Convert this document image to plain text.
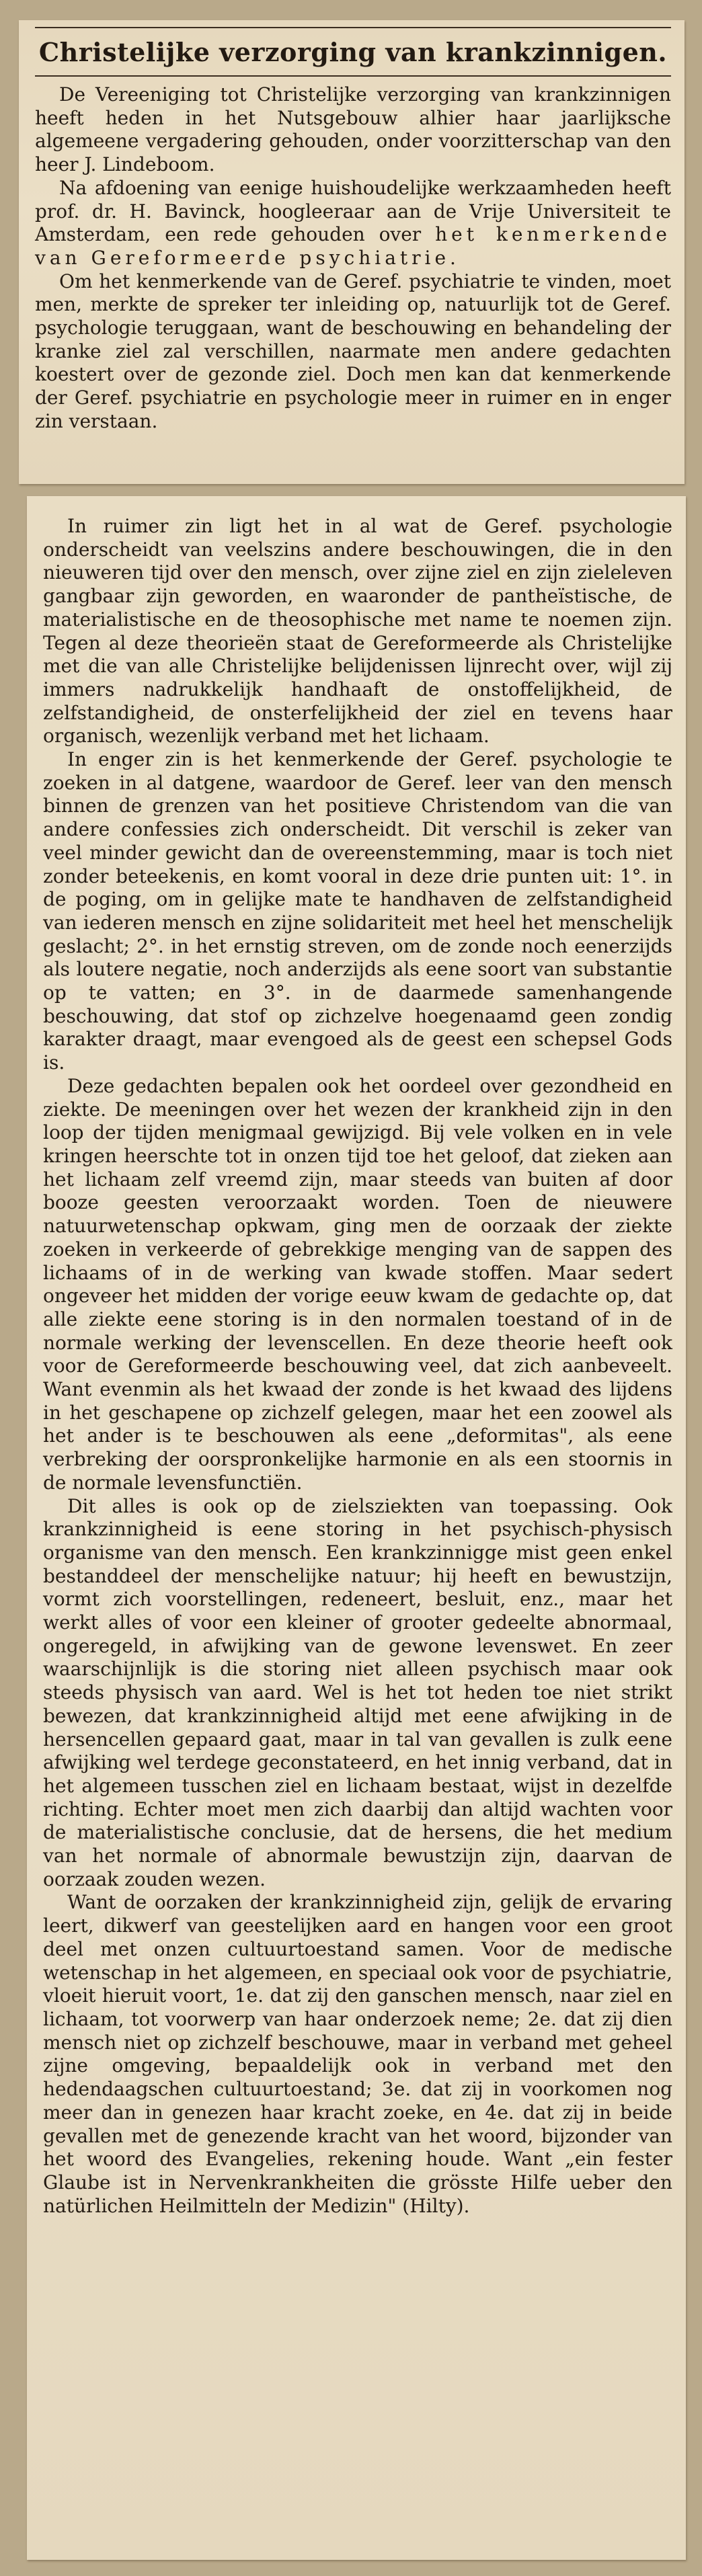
Christelijke verzorging van krankzinnigen.

De Vereeniging tot Christelijke verzorging van krankzinnigen heeft heden in het Nutsgebouw alhier haar jaarlijksche algemeene vergadering gehouden, onder voorzitterschap van den heer J. Lindeboom.

Na afdoening van eenige huishoudelijke werkzaamheden heeft prof. dr. H. Bavinck, hoogleeraar aan de Vrije Universiteit te Amsterdam, een rede gehouden over het kenmerkende van Gereformeerde psychiatrie.

Om het kenmerkende van de Geref. psychiatrie te vinden, moet men, merkte de spreker ter inleiding op, natuurlijk tot de Geref. psychologie teruggaan, want de beschouwing en behandeling der kranke ziel zal verschillen, naarmate men andere gedachten koestert over de gezonde ziel. Doch men kan dat kenmerkende der Geref. psychiatrie en psychologie meer in ruimer en in enger zin verstaan.

In ruimer zin ligt het in al wat de Geref. psychologie onderscheidt van veelszins andere beschouwingen, die in den nieuweren tijd over den mensch, over zijne ziel en zijn zieleleven gangbaar zijn geworden, en waaronder de pantheïstische, de materialistische en de theosophische met name te noemen zijn. Tegen al deze theorieën staat de Gereformeerde als Christelijke met die van alle Christelijke belijdenissen lijnrecht over, wijl zij immers nadrukkelijk handhaaft de onstoffelijkheid, de zelfstandigheid, de onsterfelijkheid der ziel en tevens haar organisch, wezenlijk verband met het lichaam.

In enger zin is het kenmerkende der Geref. psychologie te zoeken in al datgene, waardoor de Geref. leer van den mensch binnen de grenzen van het positieve Christendom van die van andere confessies zich onderscheidt. Dit verschil is zeker van veel minder gewicht dan de overeenstemming, maar is toch niet zonder beteekenis, en komt vooral in deze drie punten uit: 1°. in de poging, om in gelijke mate te handhaven de zelfstandigheid van iederen mensch en zijne solidariteit met heel het menschelijk geslacht; 2°. in het ernstig streven, om de zonde noch eenerzijds als loutere negatie, noch anderzijds als eene soort van substantie op te vatten; en 3°. in de daarmede samenhangende beschouwing, dat stof op zichzelve hoegenaamd geen zondig karakter draagt, maar evengoed als de geest een schepsel Gods is.

Deze gedachten bepalen ook het oordeel over gezondheid en ziekte. De meeningen over het wezen der krankheid zijn in den loop der tijden menigmaal gewijzigd. Bij vele volken en in vele kringen heerschte tot in onzen tijd toe het geloof, dat zieken aan het lichaam zelf vreemd zijn, maar steeds van buiten af door booze geesten veroorzaakt worden. Toen de nieuwere natuurwetenschap opkwam, ging men de oorzaak der ziekte zoeken in verkeerde of gebrekkige menging van de sappen des lichaams of in de werking van kwade stoffen. Maar sedert ongeveer het midden der vorige eeuw kwam de gedachte op, dat alle ziekte eene storing is in den normalen toestand of in de normale werking der levenscellen. En deze theorie heeft ook voor de Gereformeerde beschouwing veel, dat zich aanbeveelt. Want evenmin als het kwaad der zonde is het kwaad des lijdens in het geschapene op zichzelf gelegen, maar het een zoowel als het ander is te beschouwen als eene „deformitas", als eene verbreking der oorspronkelijke harmonie en als een stoornis in de normale levensfunctiën.

Dit alles is ook op de zielsziekten van toepassing. Ook krankzinnigheid is eene storing in het psychisch-physisch organisme van den mensch. Een krankzinnigge mist geen enkel bestanddeel der menschelijke natuur; hij heeft en bewustzijn, vormt zich voorstellingen, redeneert, besluit, enz., maar het werkt alles of voor een kleiner of grooter gedeelte abnormaal, ongeregeld, in afwijking van de gewone levenswet. En zeer waarschijnlijk is die storing niet alleen psychisch maar ook steeds physisch van aard. Wel is het tot heden toe niet strikt bewezen, dat krankzinnigheid altijd met eene afwijking in de hersencellen gepaard gaat, maar in tal van gevallen is zulk eene afwijking wel terdege geconstateerd, en het innig verband, dat in het algemeen tusschen ziel en lichaam bestaat, wijst in dezelfde richting. Echter moet men zich daarbij dan altijd wachten voor de materialistische conclusie, dat de hersens, die het medium van het normale of abnormale bewustzijn zijn, daarvan de oorzaak zouden wezen.

Want de oorzaken der krankzinnigheid zijn, gelijk de ervaring leert, dikwerf van geestelijken aard en hangen voor een groot deel met onzen cultuurtoestand samen. Voor de medische wetenschap in het algemeen, en speciaal ook voor de psychiatrie, vloeit hieruit voort, 1e. dat zij den ganschen mensch, naar ziel en lichaam, tot voorwerp van haar onderzoek neme; 2e. dat zij dien mensch niet op zichzelf beschouwe, maar in verband met geheel zijne omgeving, bepaaldelijk ook in verband met den hedendaagschen cultuurtoestand; 3e. dat zij in voorkomen nog meer dan in genezen haar kracht zoeke, en 4e. dat zij in beide gevallen met de genezende kracht van het woord, bijzonder van het woord des Evangelies, rekening houde. Want „ein fester Glaube ist in Nervenkrankheiten die grösste Hilfe ueber den natürlichen Heilmitteln der Medizin" (Hilty).
